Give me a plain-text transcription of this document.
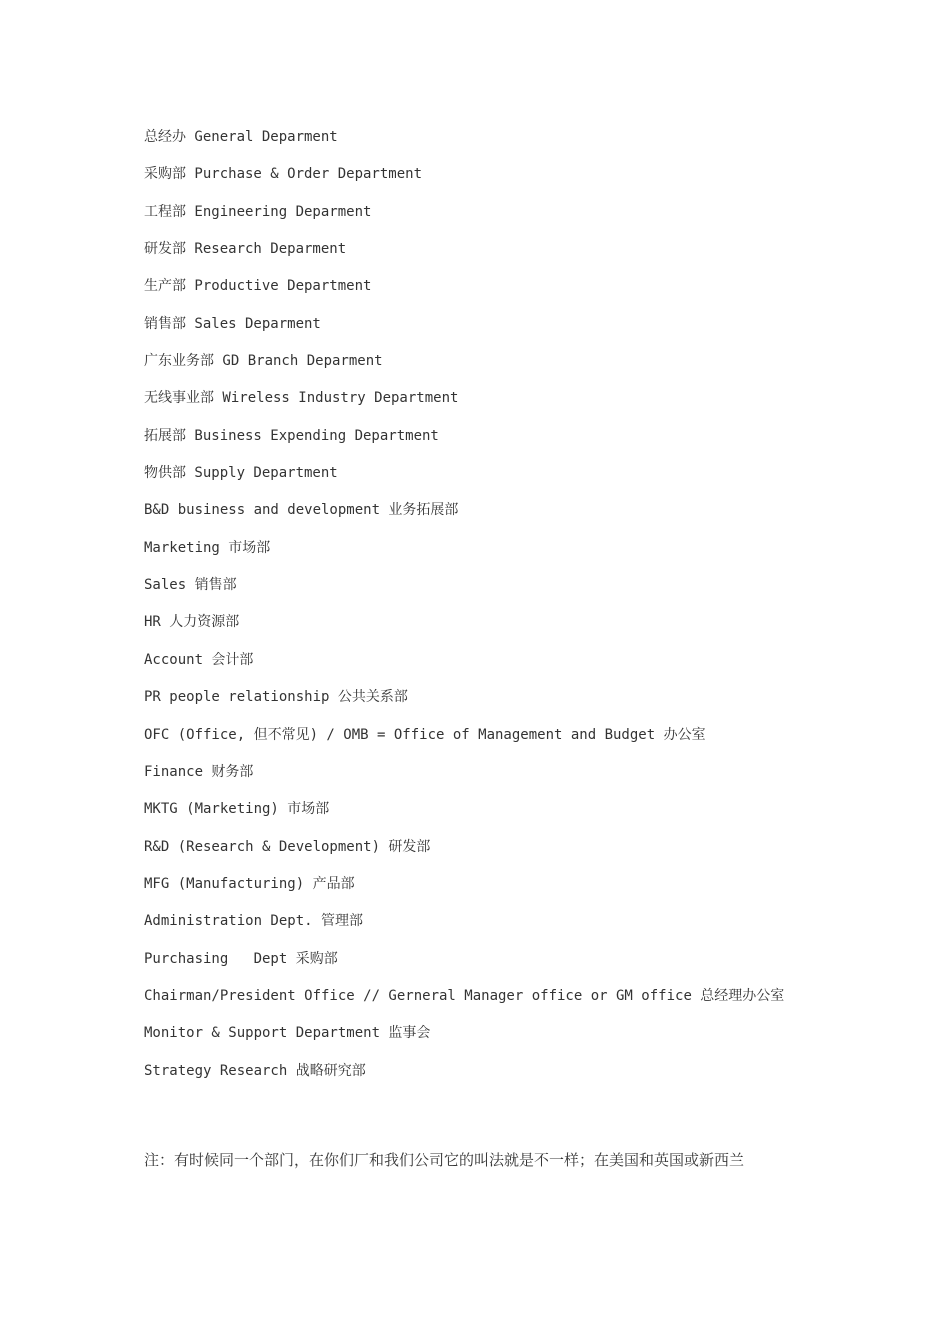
总经办 General Deparment
采购部 Purchase & Order Department
工程部 Engineering Deparment
研发部 Research Deparment
生产部 Productive Department
销售部 Sales Deparment
广东业务部 GD Branch Deparment
无线事业部 Wireless Industry Department
拓展部 Business Expending Department
物供部 Supply Department
B&D business and development 业务拓展部
Marketing 市场部
Sales 销售部
HR 人力资源部
Account 会计部
PR people relationship 公共关系部
OFC (Office, 但不常见) / OMB = Office of Management and Budget 办公室
Finance 财务部
MKTG (Marketing) 市场部
R&D (Research & Development) 研发部
MFG (Manufacturing) 产品部
Administration Dept. 管理部
Purchasing   Dept 采购部
Chairman/President Office // Gerneral Manager office or GM office 总经理办公室
Monitor & Support Department 监事会
Strategy Research 战略研究部

注：有时候同一个部门，在你们厂和我们公司它的叫法就是不一样；在美国和英国或新西兰
